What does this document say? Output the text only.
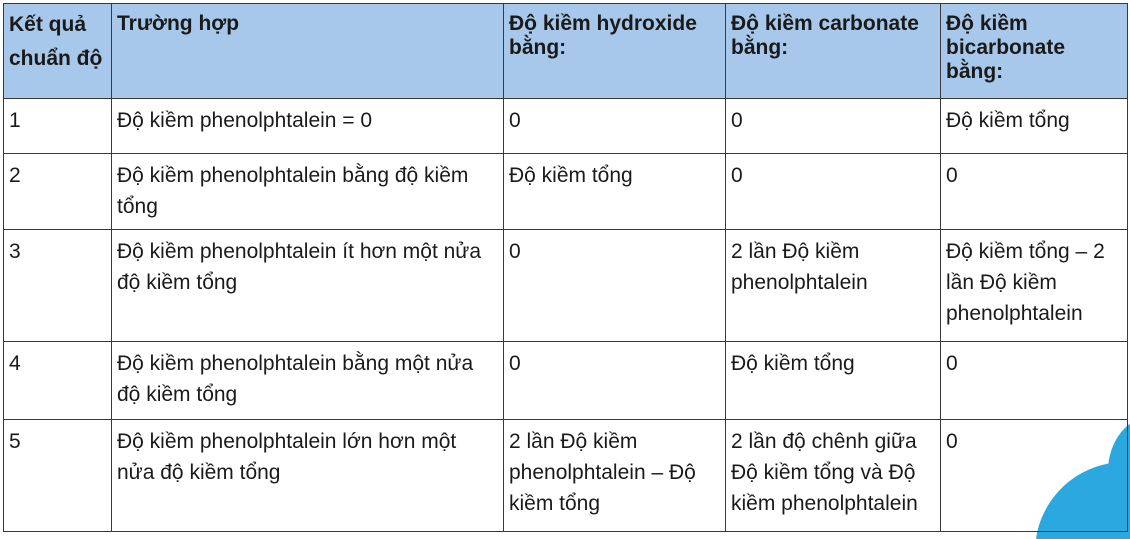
Kết quả chuẩn độ	Trường hợp	Độ kiềm hydroxide bằng:	Độ kiềm carbonate bằng:	Độ kiềm bicarbonate bằng:
1	Độ kiềm phenolphtalein = 0	0	0	Độ kiềm tổng
2	Độ kiềm phenolphtalein bằng độ kiềm tổng	Độ kiềm tổng	0	0
3	Độ kiềm phenolphtalein ít hơn một nửa độ kiềm tổng	0	2 lần Độ kiềm phenolphtalein	Độ kiềm tổng – 2 lần Độ kiềm phenolphtalein
4	Độ kiềm phenolphtalein bằng một nửa độ kiềm tổng	0	Độ kiềm tổng	0
5	Độ kiềm phenolphtalein lớn hơn một nửa độ kiềm tổng	2 lần Độ kiềm phenolphtalein – Độ kiềm tổng	2 lần độ chênh giữa Độ kiềm tổng và Độ kiềm phenolphtalein	0
